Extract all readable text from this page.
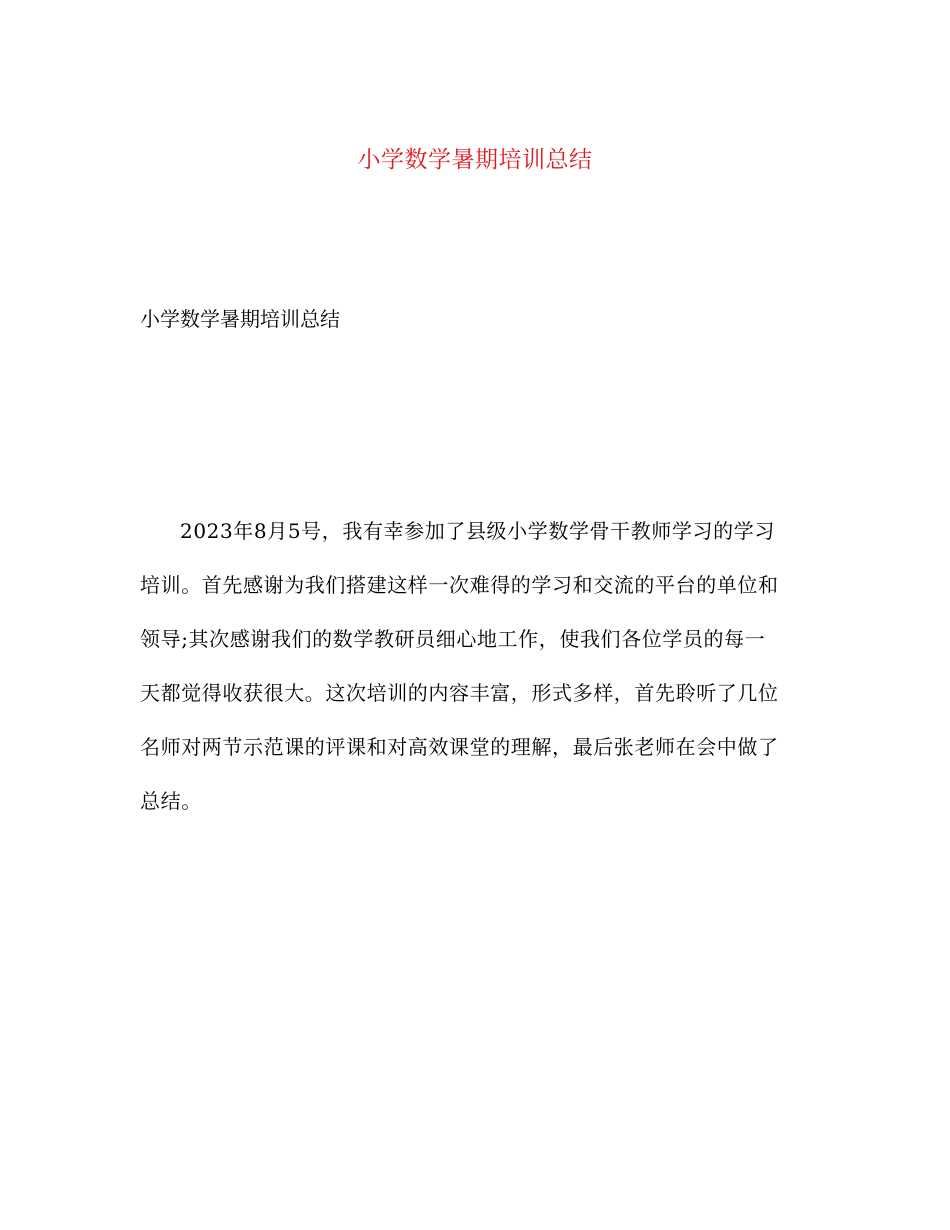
小学数学暑期培训总结
小学数学暑期培训总结
2023年8月5号，我有幸参加了县级小学数学骨干教师学习的学习
培训。首先感谢为我们搭建这样一次难得的学习和交流的平台的单位和
领导;其次感谢我们的数学教研员细心地工作，使我们各位学员的每一
天都觉得收获很大。这次培训的内容丰富，形式多样，首先聆听了几位
名师对两节示范课的评课和对高效课堂的理解，最后张老师在会中做了
总结。
